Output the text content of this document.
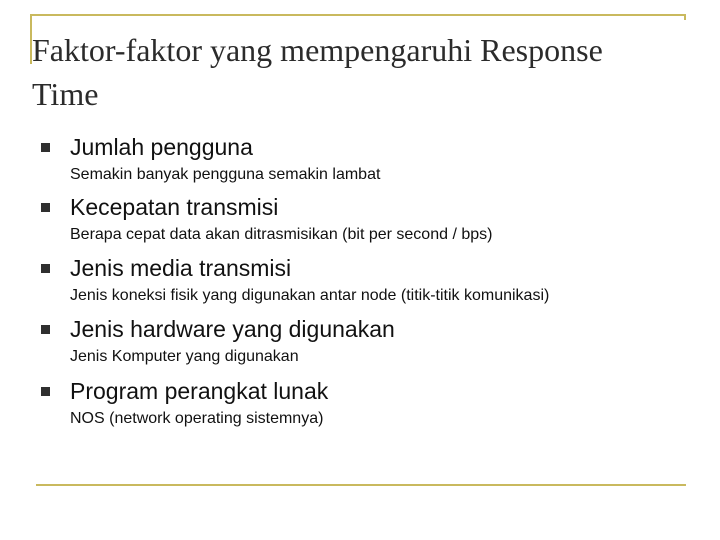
Faktor-faktor yang mempengaruhi Response Time
Jumlah pengguna
Semakin banyak pengguna semakin lambat
Kecepatan transmisi
Berapa cepat data akan ditrasmisikan (bit per second / bps)
Jenis media transmisi
Jenis koneksi fisik yang digunakan antar node (titik-titik komunikasi)
Jenis hardware yang digunakan
Jenis Komputer yang digunakan
Program perangkat lunak
NOS (network operating sistemnya)
